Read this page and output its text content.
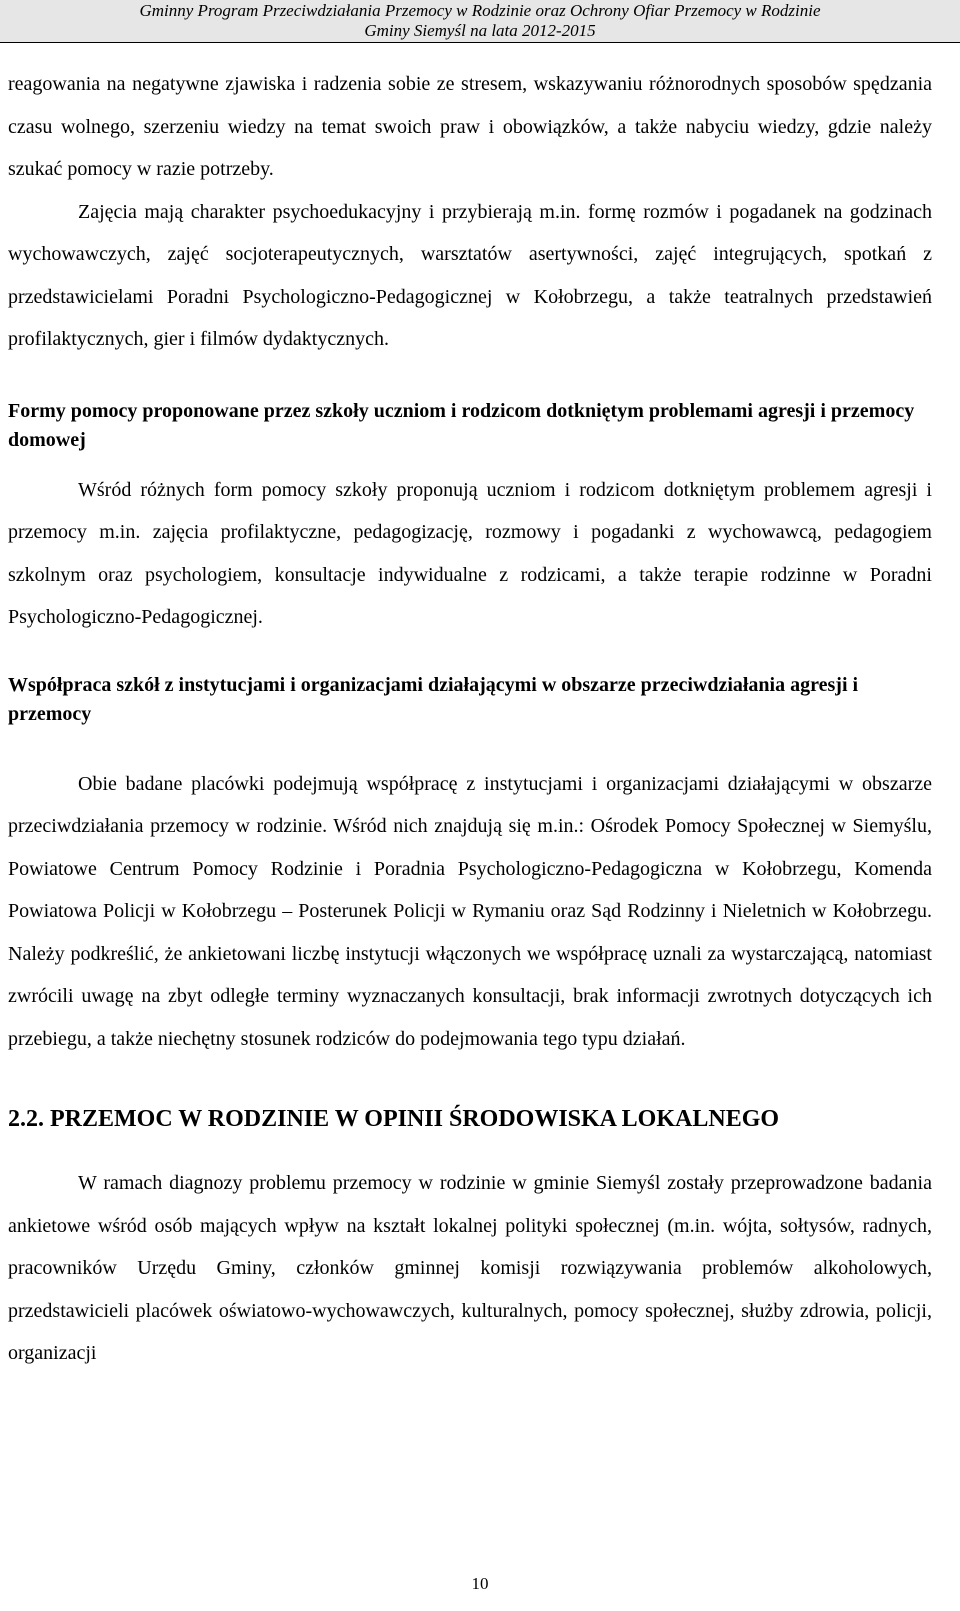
Gminny Program Przeciwdziałania Przemocy w Rodzinie oraz Ochrony Ofiar Przemocy w Rodzinie
Gminy Siemyśl na lata 2012-2015

reagowania na negatywne zjawiska i radzenia sobie ze stresem, wskazywaniu różnorodnych sposobów spędzania czasu wolnego, szerzeniu wiedzy na temat swoich praw i obowiązków, a także nabyciu wiedzy, gdzie należy szukać pomocy w razie potrzeby.

Zajęcia mają charakter psychoedukacyjny i przybierają m.in. formę rozmów i pogadanek na godzinach wychowawczych, zajęć socjoterapeutycznych, warsztatów asertywności, zajęć integrujących, spotkań z przedstawicielami Poradni Psychologiczno-Pedagogicznej w Kołobrzegu, a także teatralnych przedstawień profilaktycznych, gier i filmów dydaktycznych.

Formy pomocy proponowane przez szkoły uczniom i rodzicom dotkniętym problemami agresji i przemocy domowej

Wśród różnych form pomocy szkoły proponują uczniom i rodzicom dotkniętym problemem agresji i przemocy m.in. zajęcia profilaktyczne, pedagogizację, rozmowy i pogadanki z wychowawcą, pedagogiem szkolnym oraz psychologiem, konsultacje indywidualne z rodzicami, a także terapie rodzinne w Poradni Psychologiczno-Pedagogicznej.

Współpraca szkół z instytucjami i organizacjami działającymi w obszarze przeciwdziałania agresji i przemocy

Obie badane placówki podejmują współpracę z instytucjami i organizacjami działającymi w obszarze przeciwdziałania przemocy w rodzinie. Wśród nich znajdują się m.in.: Ośrodek Pomocy Społecznej w Siemyślu, Powiatowe Centrum Pomocy Rodzinie i Poradnia Psychologiczno-Pedagogiczna w Kołobrzegu, Komenda Powiatowa Policji w Kołobrzegu – Posterunek Policji w Rymaniu oraz Sąd Rodzinny i Nieletnich w Kołobrzegu. Należy podkreślić, że ankietowani liczbę instytucji włączonych we współpracę uznali za wystarczającą, natomiast zwrócili uwagę na zbyt odległe terminy wyznaczanych konsultacji, brak informacji zwrotnych dotyczących ich przebiegu, a także niechętny stosunek rodziców do podejmowania tego typu działań.

2.2. PRZEMOC W RODZINIE W OPINII ŚRODOWISKA LOKALNEGO

W ramach diagnozy problemu przemocy w rodzinie w gminie Siemyśl zostały przeprowadzone badania ankietowe wśród osób mających wpływ na kształt lokalnej polityki społecznej (m.in. wójta, sołtysów, radnych, pracowników Urzędu Gminy, członków gminnej komisji rozwiązywania problemów alkoholowych, przedstawicieli placówek oświatowo-wychowawczych, kulturalnych, pomocy społecznej, służby zdrowia, policji, organizacji

10
